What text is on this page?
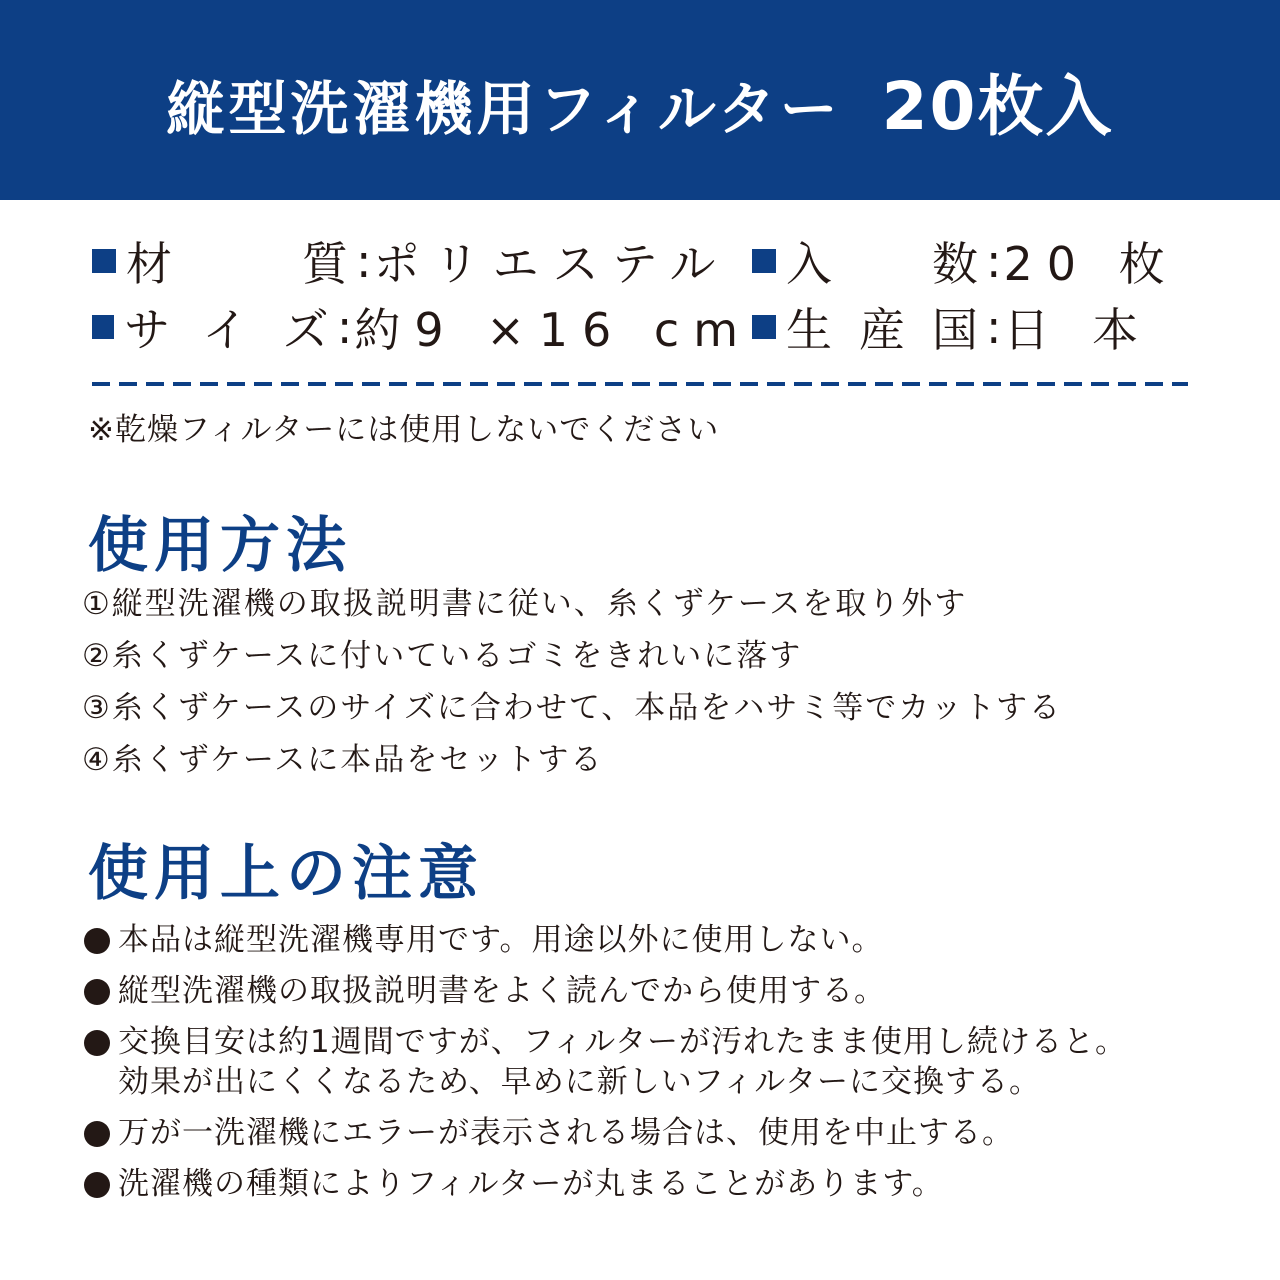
縦型洗濯機用フィルター 20枚入
材質 : ポリエステル 入数 : 20 枚
サイズ : 約9 ×16 cm 生産国 : 日 本
※乾燥フィルターには使用しないでください
使用方法
①縦型洗濯機の取扱説明書に従い、糸くずケースを取り外す
②糸くずケースに付いているゴミをきれいに落す
③糸くずケースのサイズに合わせて、本品をハサミ等でカットする
④糸くずケースに本品をセットする
使用上の注意
本品は縦型洗濯機専用です。用途以外に使用しない。
縦型洗濯機の取扱説明書をよく読んでから使用する。
交換目安は約1週間ですが、フィルターが汚れたまま使用し続けると。
効果が出にくくなるため、早めに新しいフィルターに交換する。
万が一洗濯機にエラーが表示される場合は、使用を中止する。
洗濯機の種類によりフィルターが丸まることがあります。
